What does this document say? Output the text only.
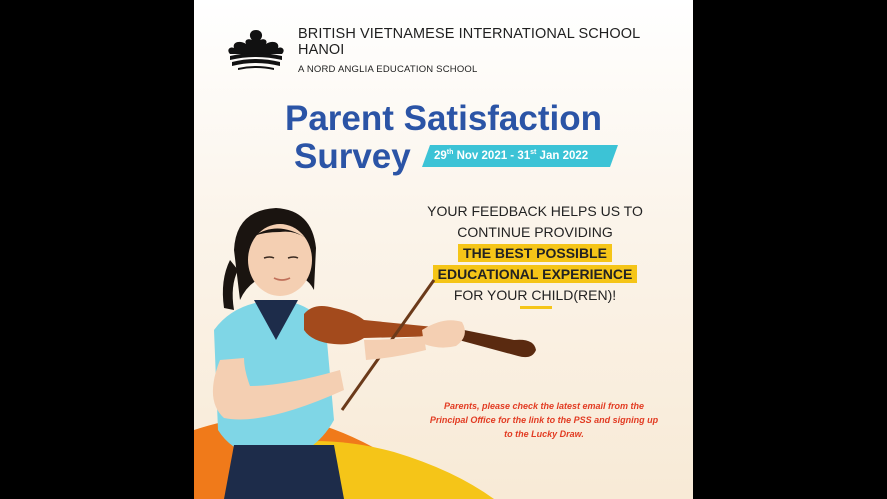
BRITISH VIETNAMESE INTERNATIONAL SCHOOL HANOI
A NORD ANGLIA EDUCATION SCHOOL
Parent Satisfaction
Survey 29th Nov 2021 - 31st Jan 2022
YOUR FEEDBACK HELPS US TO
CONTINUE PROVIDING
THE BEST POSSIBLE
EDUCATIONAL EXPERIENCE
FOR YOUR CHILD(REN)!
Parents, please check the latest email from the Principal Office for the link to the PSS and signing up to the Lucky Draw.
